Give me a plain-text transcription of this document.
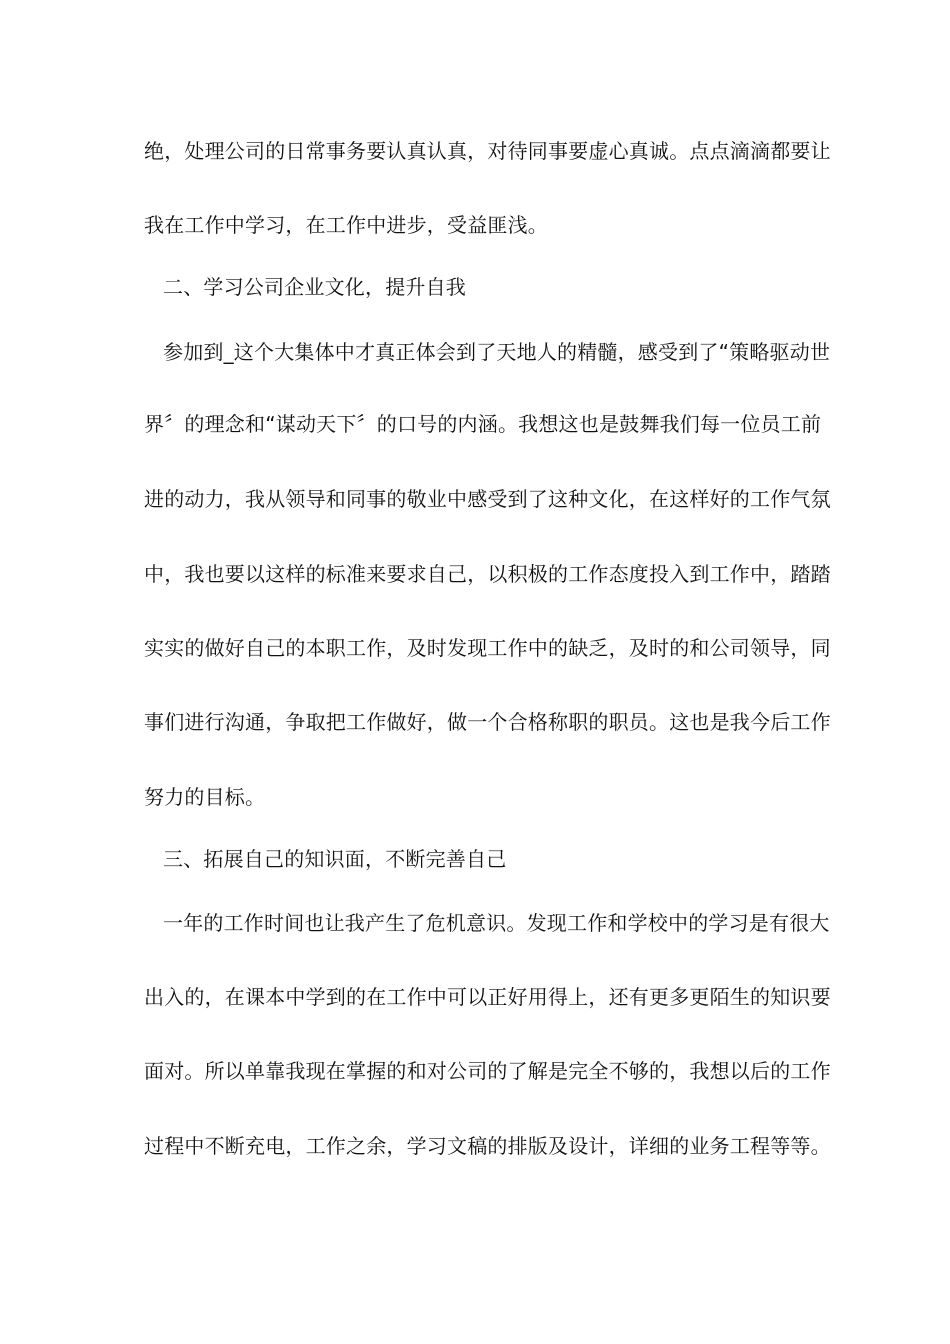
绝，处理公司的日常事务要认真认真，对待同事要虚心真诚。点点滴滴都要让
我在工作中学习，在工作中进步，受益匪浅。
二、学习公司企业文化，提升自我
参加到_这个大集体中才真正体会到了天地人的精髓，感受到了“策略驱动世
界〞的理念和“谋动天下〞的口号的内涵。我想这也是鼓舞我们每一位员工前
进的动力，我从领导和同事的敬业中感受到了这种文化，在这样好的工作气氛
中，我也要以这样的标准来要求自己，以积极的工作态度投入到工作中，踏踏
实实的做好自己的本职工作，及时发现工作中的缺乏，及时的和公司领导，同
事们进行沟通，争取把工作做好，做一个合格称职的职员。这也是我今后工作
努力的目标。
三、拓展自己的知识面，不断完善自己
一年的工作时间也让我产生了危机意识。发现工作和学校中的学习是有很大
出入的，在课本中学到的在工作中可以正好用得上，还有更多更陌生的知识要
面对。所以单靠我现在掌握的和对公司的了解是完全不够的，我想以后的工作
过程中不断充电，工作之余，学习文稿的排版及设计，详细的业务工程等等。
